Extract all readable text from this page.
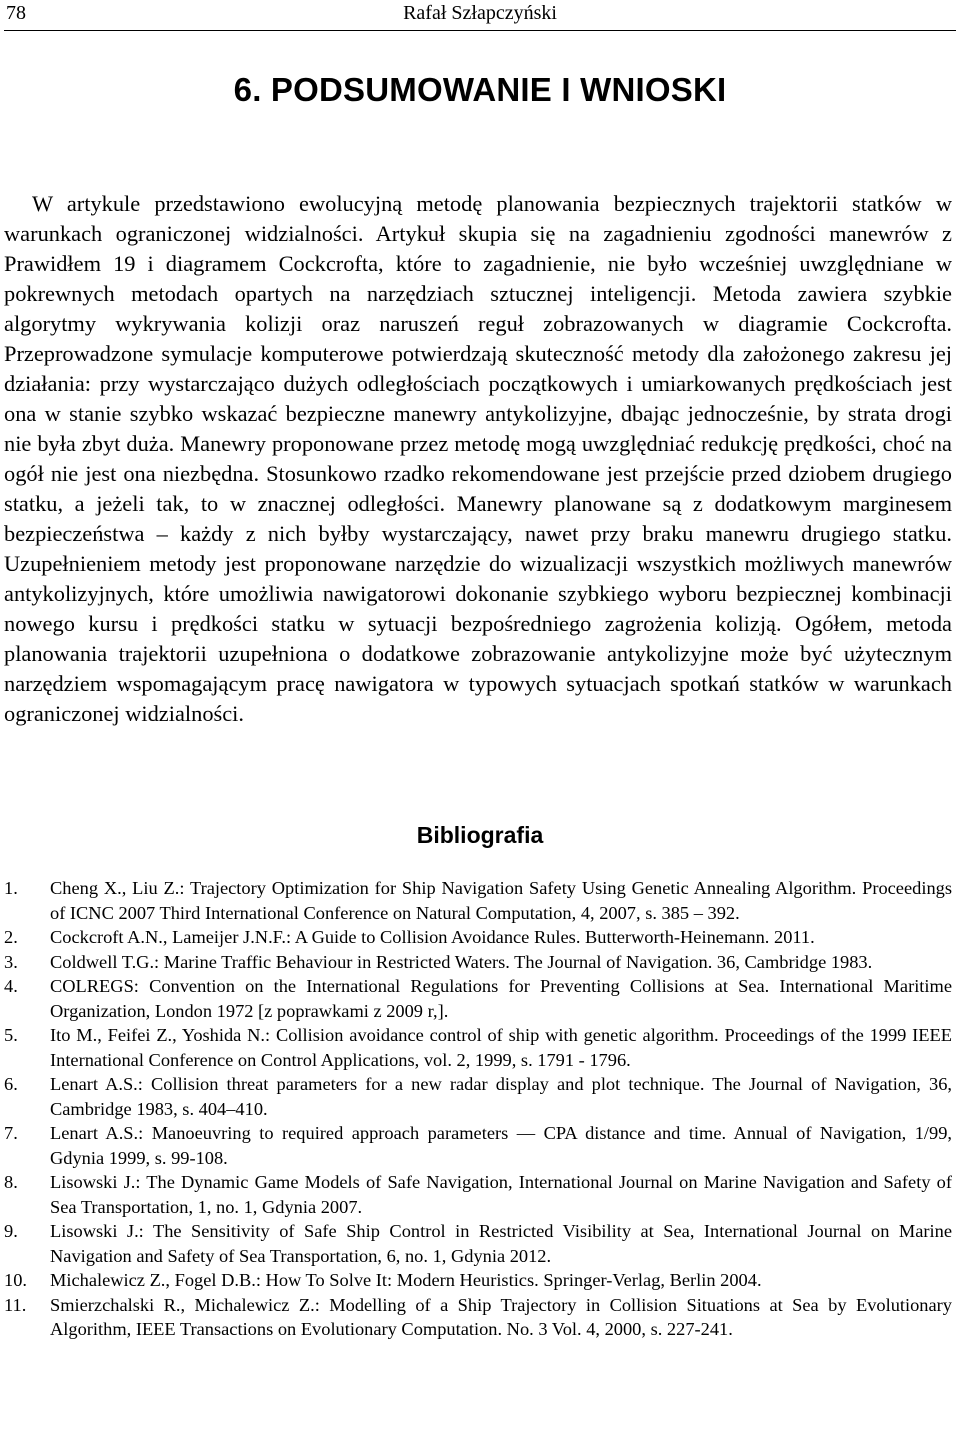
78	Rafał Szłapczyński
6. PODSUMOWANIE I WNIOSKI

W artykule przedstawiono ewolucyjną metodę planowania bezpiecznych trajektorii statków w warunkach ograniczonej widzialności. Artykuł skupia się na zagadnieniu zgodności manewrów z Prawidłem 19 i diagramem Cockcrofta, które to zagadnienie, nie było wcześniej uwzględniane w pokrewnych metodach opartych na narzędziach sztucznej inteligencji. Metoda zawiera szybkie algorytmy wykrywania kolizji oraz naruszeń reguł zobrazowanych w diagramie Cockcrofta. Przeprowadzone symulacje komputerowe potwierdzają skuteczność metody dla założonego zakresu jej działania: przy wystarczająco dużych odległościach początkowych i umiarkowanych prędkościach jest ona w stanie szybko wskazać bezpieczne manewry antykolizyjne, dbając jednocześnie, by strata drogi nie była zbyt duża. Manewry proponowane przez metodę mogą uwzględniać redukcję prędkości, choć na ogół nie jest ona niezbędna. Stosunkowo rzadko rekomendowane jest przejście przed dziobem drugiego statku, a jeżeli tak, to w znacznej odległości. Manewry planowane są z dodatkowym marginesem bezpieczeństwa – każdy z nich byłby wystarczający, nawet przy braku manewru drugiego statku. Uzupełnieniem metody jest proponowane narzędzie do wizualizacji wszystkich możliwych manewrów antykolizyjnych, które umożliwia nawigatorowi dokonanie szybkiego wyboru bezpiecznej kombinacji nowego kursu i prędkości statku w sytuacji bezpośredniego zagrożenia kolizją. Ogółem, metoda planowania trajektorii uzupełniona o dodatkowe zobrazowanie antykolizyjne może być użytecznym narzędziem wspomagającym pracę nawigatora w typowych sytuacjach spotkań statków w warunkach ograniczonej widzialności.

Bibliografia
1. Cheng X., Liu Z.: Trajectory Optimization for Ship Navigation Safety Using Genetic Annealing Algorithm. Proceedings of ICNC 2007 Third International Conference on Natural Computation, 4, 2007, s. 385 – 392.
2. Cockcroft A.N., Lameijer J.N.F.: A Guide to Collision Avoidance Rules. Butterworth-Heinemann. 2011.
3. Coldwell T.G.: Marine Traffic Behaviour in Restricted Waters. The Journal of Navigation. 36, Cambridge 1983.
4. COLREGS: Convention on the International Regulations for Preventing Collisions at Sea. International Maritime Organization, London 1972 [z poprawkami z 2009 r,].
5. Ito M., Feifei Z., Yoshida N.: Collision avoidance control of ship with genetic algorithm. Proceedings of the 1999 IEEE International Conference on Control Applications, vol. 2, 1999, s. 1791 - 1796.
6. Lenart A.S.: Collision threat parameters for a new radar display and plot technique. The Journal of Navigation, 36, Cambridge 1983, s. 404–410.
7. Lenart A.S.: Manoeuvring to required approach parameters — CPA distance and time. Annual of Navigation, 1/99, Gdynia 1999, s. 99-108.
8. Lisowski J.: The Dynamic Game Models of Safe Navigation, International Journal on Marine Navigation and Safety of Sea Transportation, 1, no. 1, Gdynia 2007.
9. Lisowski J.: The Sensitivity of Safe Ship Control in Restricted Visibility at Sea, International Journal on Marine Navigation and Safety of Sea Transportation, 6, no. 1, Gdynia 2012.
10. Michalewicz Z., Fogel D.B.: How To Solve It: Modern Heuristics. Springer-Verlag, Berlin 2004.
11. Smierzchalski R., Michalewicz Z.: Modelling of a Ship Trajectory in Collision Situations at Sea by Evolutionary Algorithm, IEEE Transactions on Evolutionary Computation. No. 3 Vol. 4, 2000, s. 227-241.
